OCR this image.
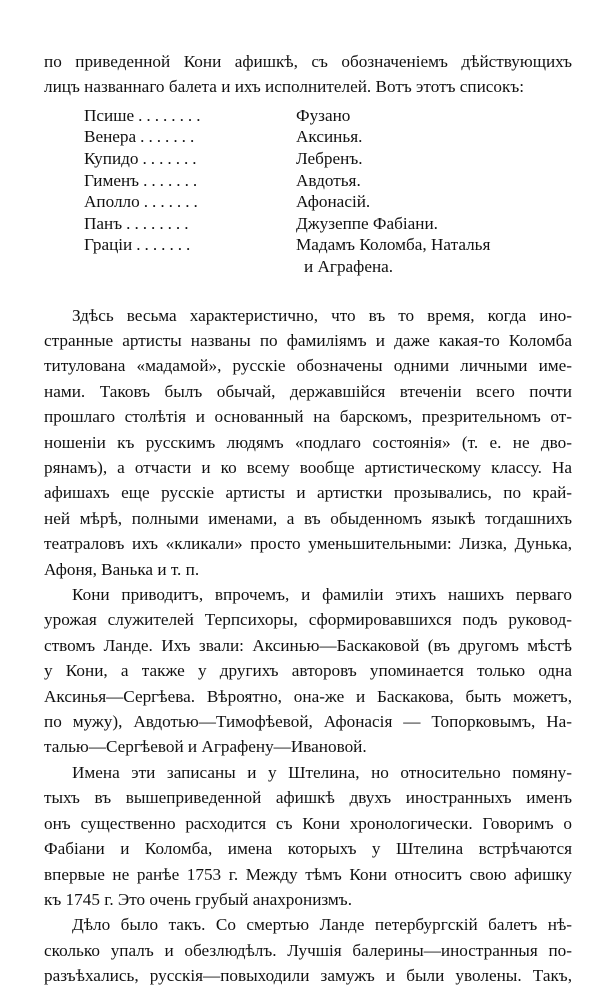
по приведенной Кони афишкѣ, съ обозначеніемъ дѣйствующихъ

лицъ названнаго балета и ихъ исполнителей. Вотъ этотъ списокъ:

Псише ........	Фузано
Венера .......	Аксинья.
Купидо .......	Лебренъ.
Гименъ .......	Авдотья.
Аполло .......	Афонасій.
Панъ ........	Джузеппе Фабіани.
Граціи .......	Мадамъ Коломба, Наталья
и Аграфена.

Здѣсь весьма характеристично, что въ то время, когда ино-

странные артисты названы по фамиліямъ и даже какая-то Коломба

титулована «мадамой», русскіе обозначены одними личными име-

нами. Таковъ былъ обычай, державшійся втеченіи всего почти

прошлаго столѣтія и основанный на барскомъ, презрительномъ от-

ношеніи къ русскимъ людямъ «подлаго состоянія» (т. е. не дво-

рянамъ), а отчасти и ко всему вообще артистическому классу. На

афишахъ еще русскіе артисты и артистки прозывались, по край-

ней мѣрѣ, полными именами, а въ обыденномъ языкѣ тогдашнихъ

театраловъ ихъ «кликали» просто уменьшительными: Лизка, Дунька,

Афоня, Ванька и т. п.

Кони приводитъ, впрочемъ, и фамиліи этихъ нашихъ перваго

урожая служителей Терпсихоры, сформировавшихся подъ руковод-

ствомъ Ланде. Ихъ звали: Аксинью—Баскаковой (въ другомъ мѣстѣ

у Кони, а также у другихъ авторовъ упоминается только одна

Аксинья—Сергѣева. Вѣроятно, она-же и Баскакова, быть можетъ,

по мужу), Авдотью—Тимофѣевой, Афонасія — Топорковымъ, На-

талью—Сергѣевой и Аграфену—Ивановой.

Имена эти записаны и у Штелина, но относительно помяну-

тыхъ въ вышеприведенной афишкѣ двухъ иностранныхъ именъ

онъ существенно расходится съ Кони хронологически. Говоримъ о

Фабіани и Коломба, имена которыхъ у Штелина встрѣчаются

впервые не ранѣе 1753 г. Между тѣмъ Кони относитъ свою афишку

къ 1745 г. Это очень грубый анахронизмъ.

Дѣло было такъ. Со смертью Ланде петербургскій балетъ нѣ-

сколько упалъ и обезлюдѣлъ. Лучшія балерины—иностранныя по-

разъѣхались, русскія—повыходили замужъ и были уволены. Такъ,
